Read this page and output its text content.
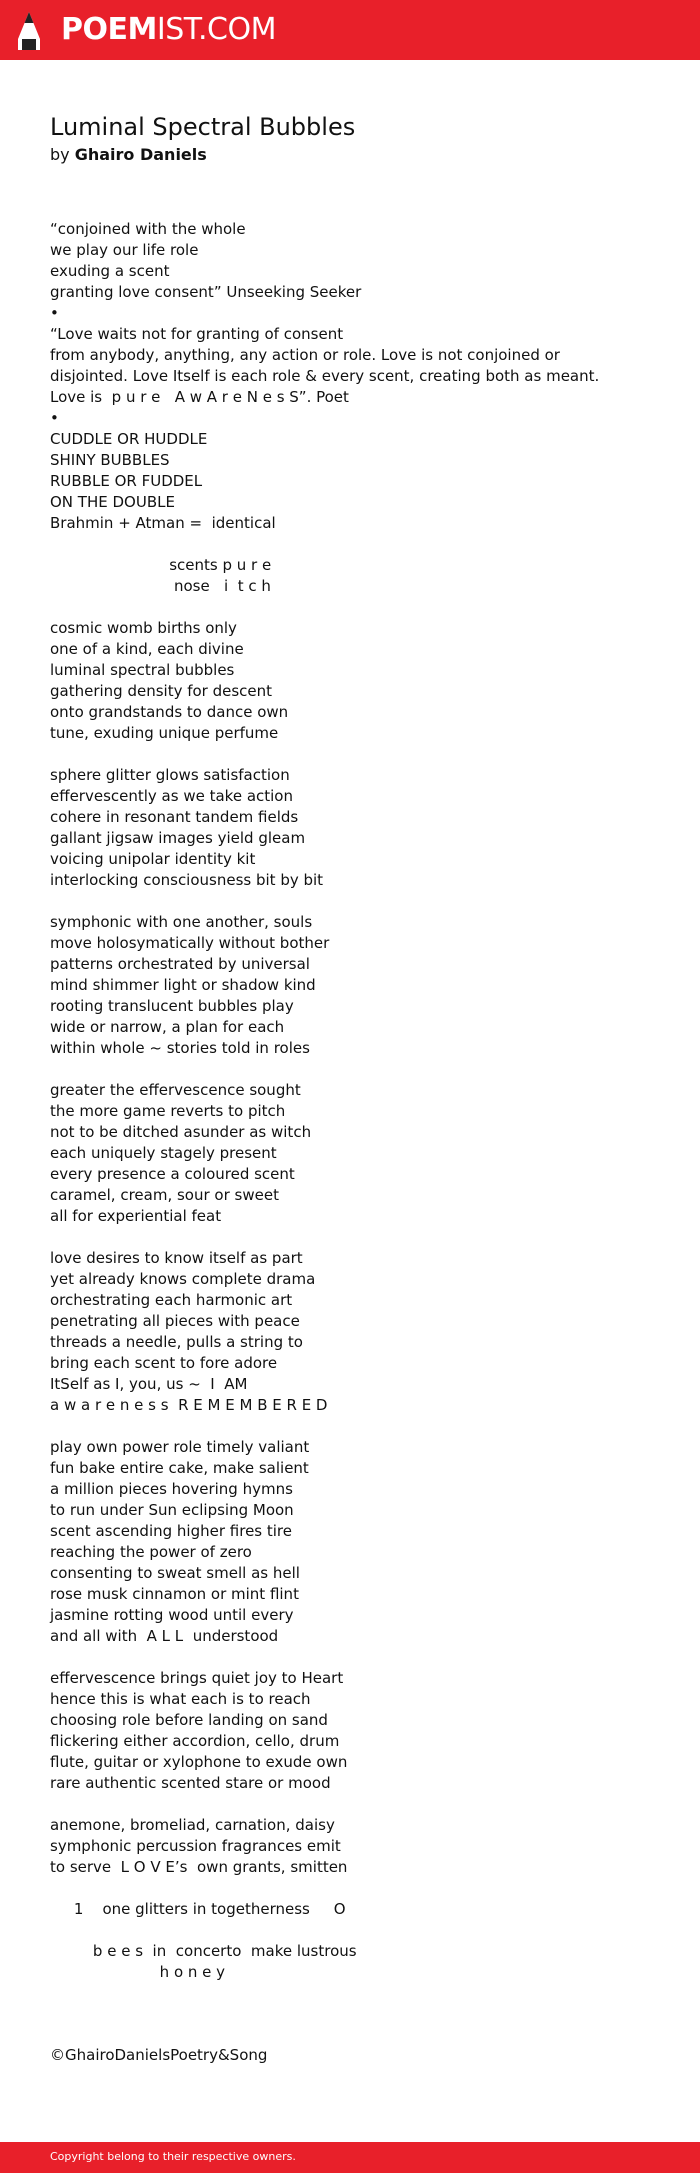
POEMIST.COM
Luminal Spectral Bubbles

by Ghairo Daniels

“conjoined with the whole
we play our life role
exuding a scent
granting love consent” Unseeking Seeker
•
“Love waits not for granting of consent
from anybody, anything, any action or role. Love is not conjoined or
disjointed. Love Itself is each role & every scent, creating both as meant.
Love is  p u r e   A w A r e N e s S”. Poet
•
CUDDLE OR HUDDLE
SHINY BUBBLES
RUBBLE OR FUDDEL
ON THE DOUBLE
Brahmin + Atman =  identical
scents p u r e
nose   i  t c h
cosmic womb births only
one of a kind, each divine
luminal spectral bubbles
gathering density for descent
onto grandstands to dance own
tune, exuding unique perfume
sphere glitter glows satisfaction
effervescently as we take action
cohere in resonant tandem fields
gallant jigsaw images yield gleam
voicing unipolar identity kit
interlocking consciousness bit by bit
symphonic with one another, souls
move holosymatically without bother
patterns orchestrated by universal
mind shimmer light or shadow kind
rooting translucent bubbles play
wide or narrow, a plan for each
within whole ~ stories told in roles
greater the effervescence sought
the more game reverts to pitch
not to be ditched asunder as witch
each uniquely stagely present
every presence a coloured scent
caramel, cream, sour or sweet
all for experiential feat
love desires to know itself as part
yet already knows complete drama
orchestrating each harmonic art
penetrating all pieces with peace
threads a needle, pulls a string to
bring each scent to fore adore
ItSelf as I, you, us ~  I  AM
a w a r e n e s s  R E M E M B E R E D
play own power role timely valiant
fun bake entire cake, make salient
a million pieces hovering hymns
to run under Sun eclipsing Moon
scent ascending higher fires tire
reaching the power of zero
consenting to sweat smell as hell
rose musk cinnamon or mint flint
jasmine rotting wood until every
and all with  A L L  understood
effervescence brings quiet joy to Heart
hence this is what each is to reach
choosing role before landing on sand
flickering either accordion, cello, drum
flute, guitar or xylophone to exude own
rare authentic scented stare or mood
anemone, bromeliad, carnation, daisy
symphonic percussion fragrances emit
to serve  L O V E’s  own grants, smitten
1    one glitters in togetherness     O
b e e s  in  concerto  make lustrous
h o n e y
©GhairoDanielsPoetry&Song
Copyright belong to their respective owners.
